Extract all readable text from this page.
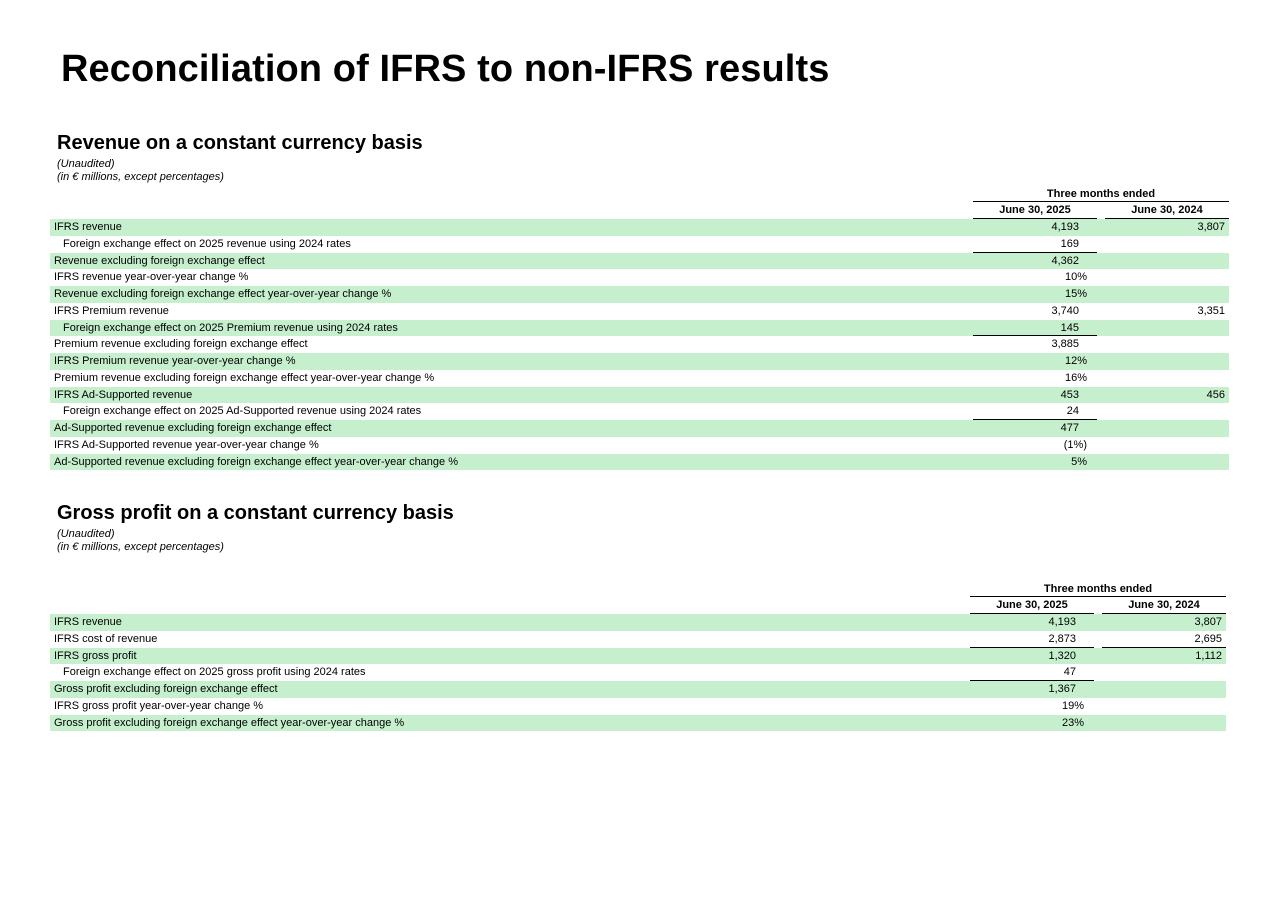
Reconciliation of IFRS to non-IFRS results
Revenue on a constant currency basis
(Unaudited)
(in € millions, except percentages)
Three months ended
June 30, 2025	June 30, 2024
IFRS revenue	4,193	3,807
Foreign exchange effect on 2025 revenue using 2024 rates	169
Revenue excluding foreign exchange effect	4,362
IFRS revenue year-over-year change %	10%
Revenue excluding foreign exchange effect year-over-year change %	15%
IFRS Premium revenue	3,740	3,351
Foreign exchange effect on 2025 Premium revenue using 2024 rates	145
Premium revenue excluding foreign exchange effect	3,885
IFRS Premium revenue year-over-year change %	12%
Premium revenue excluding foreign exchange effect year-over-year change %	16%
IFRS Ad-Supported revenue	453	456
Foreign exchange effect on 2025 Ad-Supported revenue using 2024 rates	24
Ad-Supported revenue excluding foreign exchange effect	477
IFRS Ad-Supported revenue year-over-year change %	(1%)
Ad-Supported revenue excluding foreign exchange effect year-over-year change %	5%
Gross profit on a constant currency basis
(Unaudited)
(in € millions, except percentages)
Three months ended
June 30, 2025	June 30, 2024
IFRS revenue	4,193	3,807
IFRS cost of revenue	2,873	2,695
IFRS gross profit	1,320	1,112
Foreign exchange effect on 2025 gross profit using 2024 rates	47
Gross profit excluding foreign exchange effect	1,367
IFRS gross profit year-over-year change %	19%
Gross profit excluding foreign exchange effect year-over-year change %	23%
